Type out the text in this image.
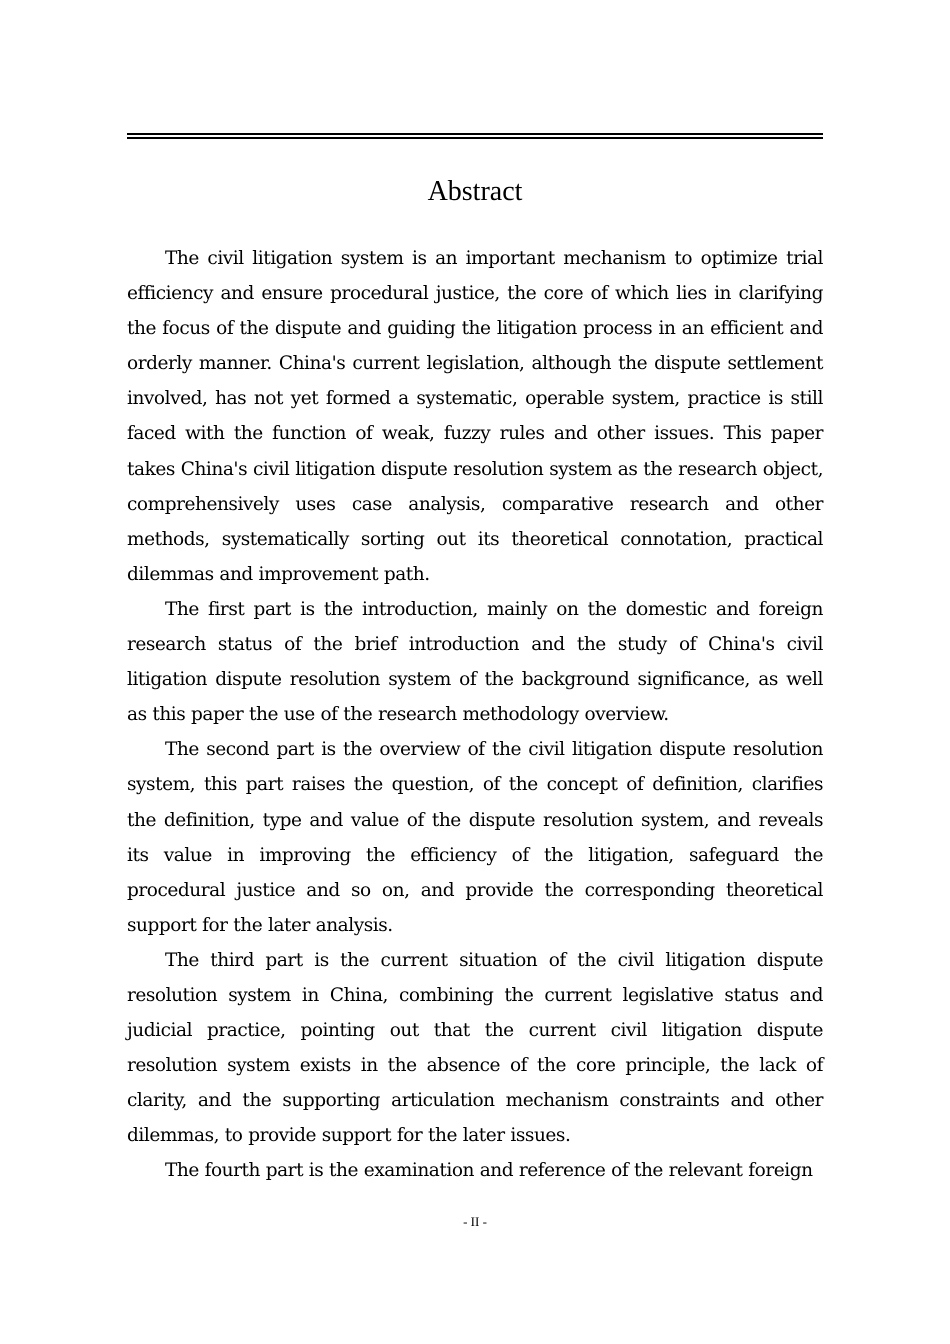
Abstract

The civil litigation system is an important mechanism to optimize trial efficiency and ensure procedural justice, the core of which lies in clarifying the focus of the dispute and guiding the litigation process in an efficient and orderly manner. China's current legislation, although the dispute settlement involved, has not yet formed a systematic, operable system, practice is still faced with the function of weak, fuzzy rules and other issues. This paper takes China's civil litigation dispute resolution system as the research object, comprehensively uses case analysis, comparative research and other methods, systematically sorting out its theoretical connotation, practical dilemmas and improvement path.

The first part is the introduction, mainly on the domestic and foreign research status of the brief introduction and the study of China's civil litigation dispute resolution system of the background significance, as well as this paper the use of the research methodology overview.

The second part is the overview of the civil litigation dispute resolution system, this part raises the question, of the concept of definition, clarifies the definition, type and value of the dispute resolution system, and reveals its value in improving the efficiency of the litigation, safeguard the procedural justice and so on, and provide the corresponding theoretical support for the later analysis.

The third part is the current situation of the civil litigation dispute resolution system in China, combining the current legislative status and judicial practice, pointing out that the current civil litigation dispute resolution system exists in the absence of the core principle, the lack of clarity, and the supporting articulation mechanism constraints and other dilemmas, to provide support for the later issues.

The fourth part is the examination and reference of the relevant foreign

- II -
